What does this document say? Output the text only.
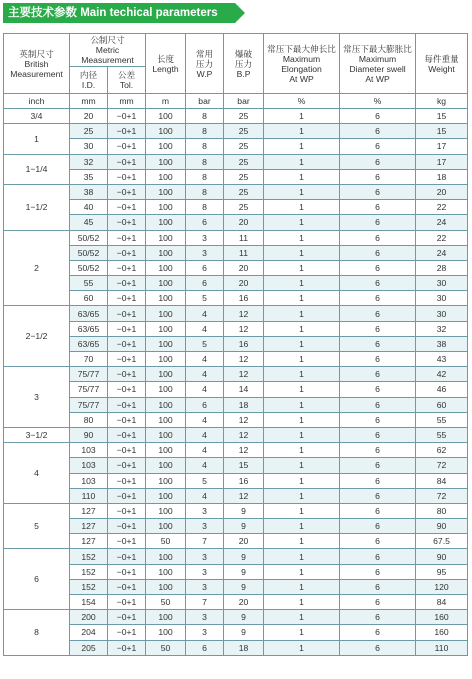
主要技术参数 Main techical parameters
英制尺寸
British
Measurement	公制尺寸
Metric
Measurement		长度
Length	常用
压力
W.P	爆破
压力
B.P	常压下最大伸长比
Maximum
Elongation
At WP	常压下最大膨胀比
Maximum
Diameter swell
At WP	每件重量
Weight

	内径
I.D.	公差
Tol.						

inch	mm	mm	m	bar	bar	%	%	kg
3/4	20	−0+1	100	8	25	1	6	15
1	25	−0+1	100	8	25	1	6	15
	30	−0+1	100	8	25	1	6	17
1−1/4	32	−0+1	100	8	25	1	6	17
	35	−0+1	100	8	25	1	6	18
1−1/2	38	−0+1	100	8	25	1	6	20
	40	−0+1	100	8	25	1	6	22
	45	−0+1	100	6	20	1	6	24
2	50/52	−0+1	100	3	11	1	6	22
	50/52	−0+1	100	3	11	1	6	24
	50/52	−0+1	100	6	20	1	6	28
	55	−0+1	100	6	20	1	6	30
	60	−0+1	100	5	16	1	6	30
2−1/2	63/65	−0+1	100	4	12	1	6	30
	63/65	−0+1	100	4	12	1	6	32
	63/65	−0+1	100	5	16	1	6	38
	70	−0+1	100	4	12	1	6	43
3	75/77	−0+1	100	4	12	1	6	42
	75/77	−0+1	100	4	14	1	6	46
	75/77	−0+1	100	6	18	1	6	60
	80	−0+1	100	4	12	1	6	55
3−1/2	90	−0+1	100	4	12	1	6	55
4	103	−0+1	100	4	12	1	6	62
	103	−0+1	100	4	15	1	6	72
	103	−0+1	100	5	16	1	6	84
	110	−0+1	100	4	12	1	6	72
5	127	−0+1	100	3	9	1	6	80
	127	−0+1	100	3	9	1	6	90
	127	−0+1	50	7	20	1	6	67.5
6	152	−0+1	100	3	9	1	6	90
	152	−0+1	100	3	9	1	6	95
	152	−0+1	100	3	9	1	6	120
	154	−0+1	50	7	20	1	6	84
8	200	−0+1	100	3	9	1	6	160
	204	−0+1	100	3	9	1	6	160
	205	−0+1	50	6	18	1	6	110
